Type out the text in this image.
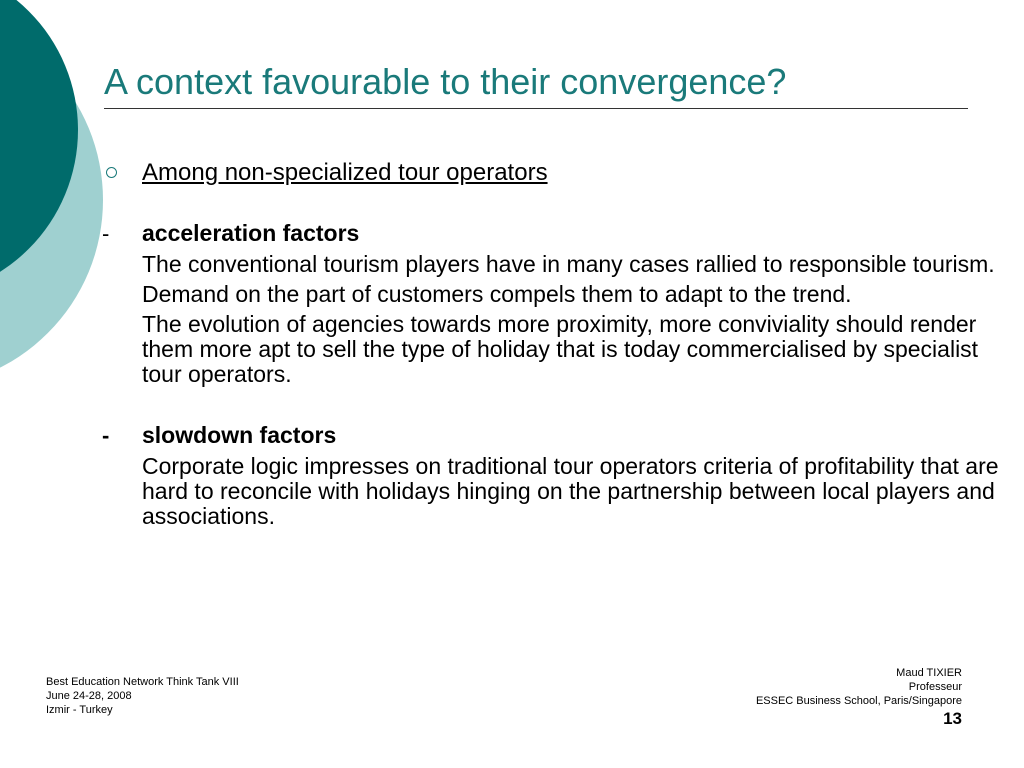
A context favourable to their convergence?
Among non-specialized tour operators
- acceleration factors
The conventional tourism players have in many cases rallied to responsible tourism.
Demand on the part of customers compels them to adapt to the trend.
The evolution of agencies towards more proximity, more conviviality should render them more apt to sell the type of holiday that is today commercialised by specialist tour operators.
- slowdown factors
Corporate logic impresses on traditional tour operators criteria of profitability that are hard to reconcile with holidays hinging on the partnership between local players and associations.
Best Education Network Think Tank VIII
June 24-28, 2008
Izmir - Turkey
Maud TIXIER
Professeur
ESSEC Business School, Paris/Singapore
13
